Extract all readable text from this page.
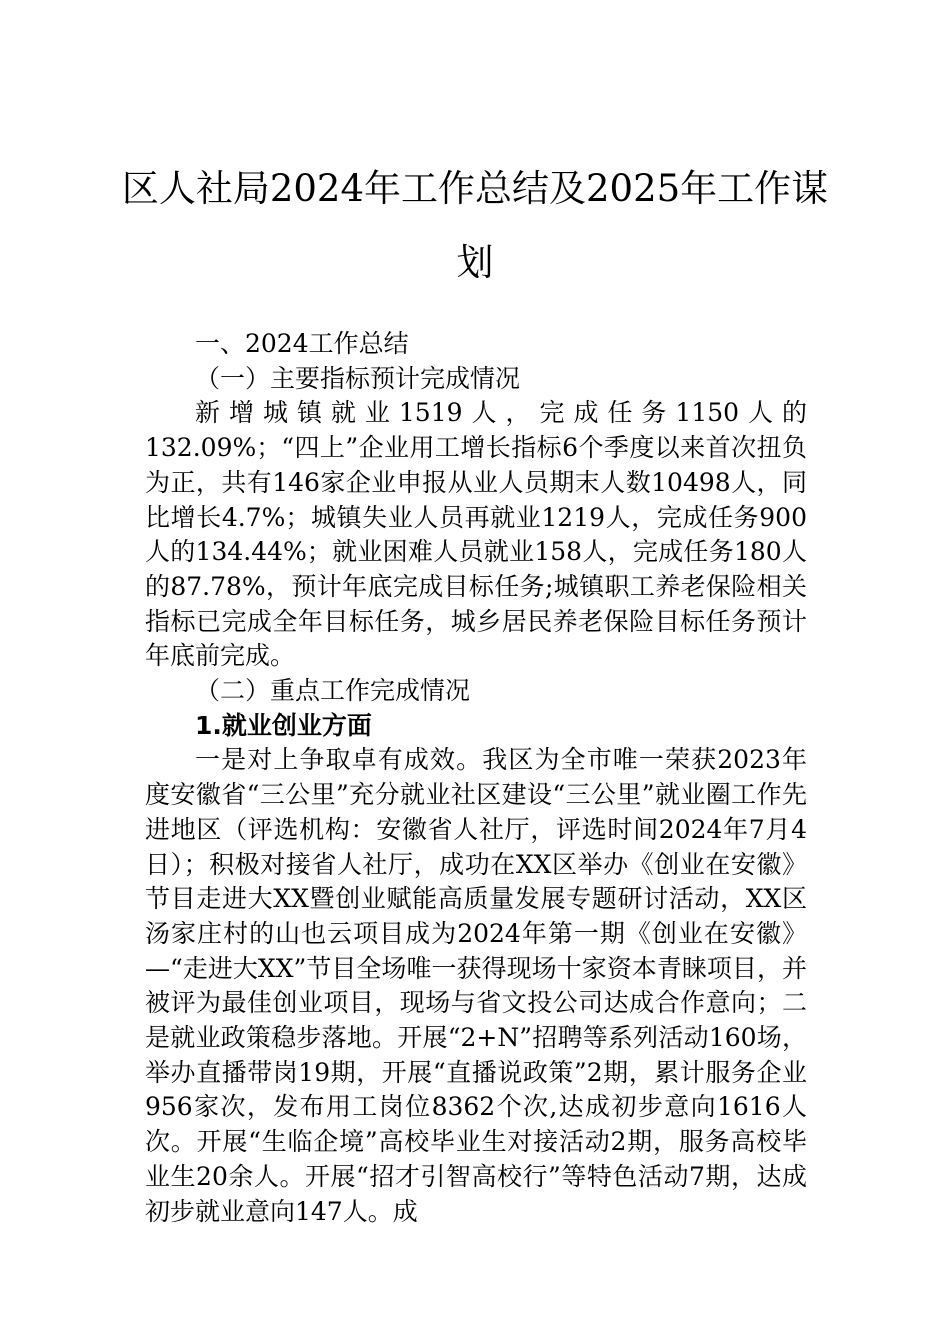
区人社局2024年工作总结及2025年工作谋划

一、2024工作总结

（一）主要指标预计完成情况

新增城镇就业1519人，完成任务1150人的132.09%；“四上”企业用工增长指标6个季度以来首次扭负为正，共有146家企业申报从业人员期末人数10498人，同比增长4.7%；城镇失业人员再就业1219人，完成任务900人的134.44%；就业困难人员就业158人，完成任务180人的87.78%，预计年底完成目标任务;城镇职工养老保险相关指标已完成全年目标任务，城乡居民养老保险目标任务预计年底前完成。

（二）重点工作完成情况

1.就业创业方面

一是对上争取卓有成效。我区为全市唯一荣获2023年度安徽省“三公里”充分就业社区建设“三公里”就业圈工作先进地区（评选机构：安徽省人社厅，评选时间2024年7月4日）；积极对接省人社厅，成功在XX区举办《创业在安徽》节目走进大XX暨创业赋能高质量发展专题研讨活动，XX区汤家庄村的山也云项目成为2024年第一期《创业在安徽》—“走进大XX”节目全场唯一获得现场十家资本青睐项目，并被评为最佳创业项目，现场与省文投公司达成合作意向；二是就业政策稳步落地。开展“2+N”招聘等系列活动160场，举办直播带岗19期，开展“直播说政策”2期，累计服务企业956家次，发布用工岗位8362个次,达成初步意向1616人次。开展“生临企境”高校毕业生对接活动2期，服务高校毕业生20余人。开展“招才引智高校行”等特色活动7期，达成初步就业意向147人。成
